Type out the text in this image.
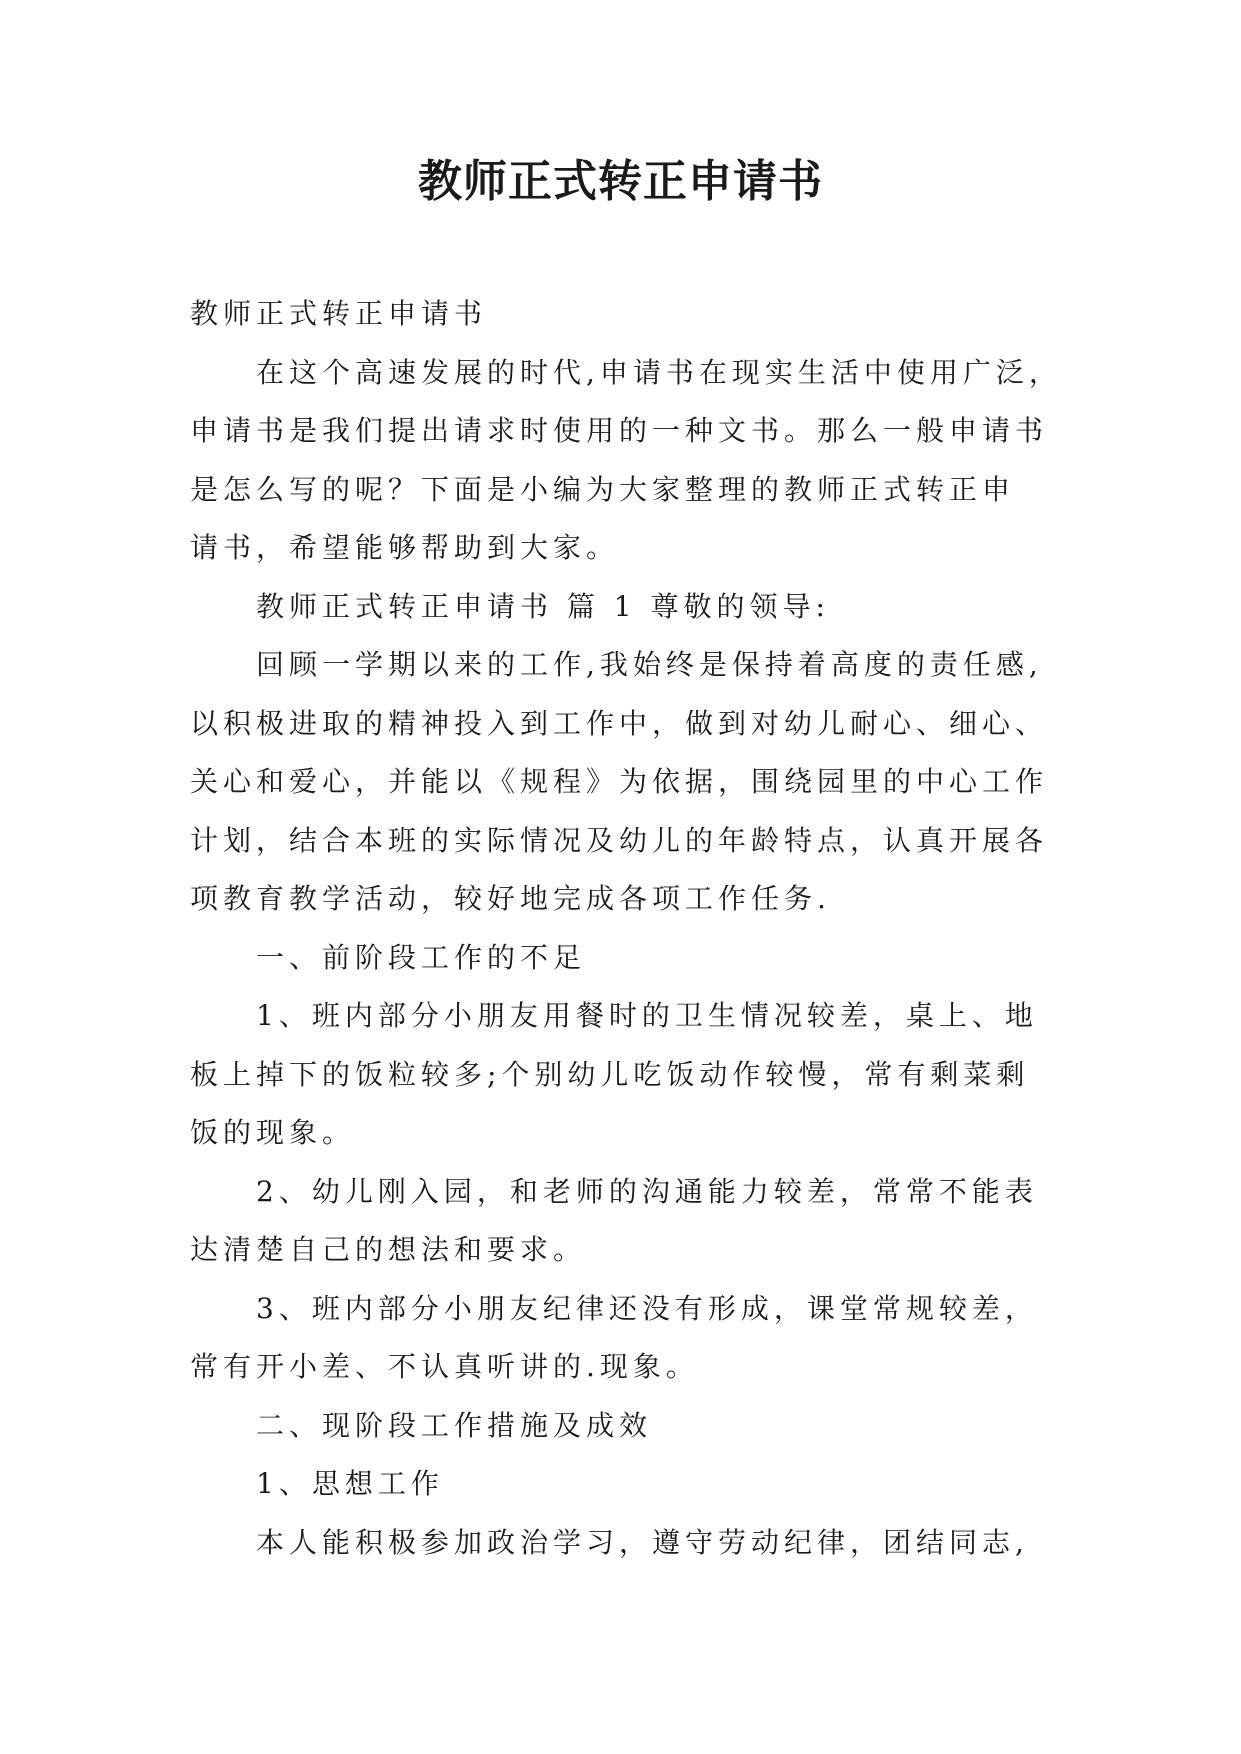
教师正式转正申请书
教师正式转正申请书
在这个高速发展的时代,申请书在现实生活中使用广泛，
申请书是我们提出请求时使用的一种文书。那么一般申请书
是怎么写的呢？下面是小编为大家整理的教师正式转正申
请书，希望能够帮助到大家。
教师正式转正申请书 篇 1 尊敬的领导:
回顾一学期以来的工作,我始终是保持着高度的责任感,
以积极进取的精神投入到工作中，做到对幼儿耐心、细心、
关心和爱心，并能以《规程》为依据，围绕园里的中心工作
计划，结合本班的实际情况及幼儿的年龄特点，认真开展各
项教育教学活动，较好地完成各项工作任务.
一、前阶段工作的不足
1、班内部分小朋友用餐时的卫生情况较差，桌上、地
板上掉下的饭粒较多;个别幼儿吃饭动作较慢，常有剩菜剩
饭的现象。
2、幼儿刚入园，和老师的沟通能力较差，常常不能表
达清楚自己的想法和要求。
3、班内部分小朋友纪律还没有形成，课堂常规较差，
常有开小差、不认真听讲的.现象。
二、现阶段工作措施及成效
1、思想工作
本人能积极参加政治学习，遵守劳动纪律，团结同志,
